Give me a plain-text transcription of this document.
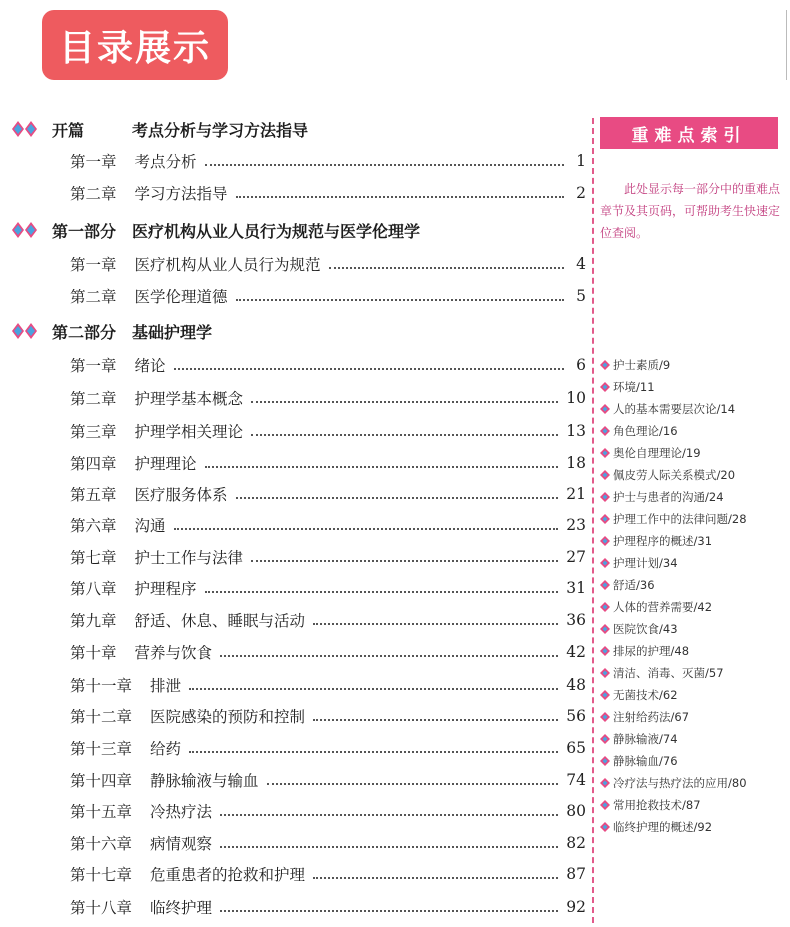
目录展示
开篇	考点分析与学习方法指导
第一章 考点分析	1
第二章 学习方法指导	2
第一部分 医疗机构从业人员行为规范与医学伦理学
第一章 医疗机构从业人员行为规范	4
第二章 医学伦理道德	5
第二部分 基础护理学
第一章 绪论	6
第二章 护理学基本概念	10
第三章 护理学相关理论	13
第四章 护理理论	18
第五章 医疗服务体系	21
第六章 沟通	23
第七章 护士工作与法律	27
第八章 护理程序	31
第九章 舒适、休息、睡眠与活动	36
第十章 营养与饮食	42
第十一章 排泄	48
第十二章 医院感染的预防和控制	56
第十三章 给药	65
第十四章 静脉输液与输血	74
第十五章 冷热疗法	80
第十六章 病情观察	82
第十七章 危重患者的抢救和护理	87
第十八章 临终护理	92
重难点索引
此处显示每一部分中的重难点章节及其页码，可帮助考生快速定位查阅。
护士素质/9
环境/11
人的基本需要层次论/14
角色理论/16
奥伦自理理论/19
佩皮劳人际关系模式/20
护士与患者的沟通/24
护理工作中的法律问题/28
护理程序的概述/31
护理计划/34
舒适/36
人体的营养需要/42
医院饮食/43
排尿的护理/48
清洁、消毒、灭菌/57
无菌技术/62
注射给药法/67
静脉输液/74
静脉输血/76
冷疗法与热疗法的应用/80
常用抢救技术/87
临终护理的概述/92
